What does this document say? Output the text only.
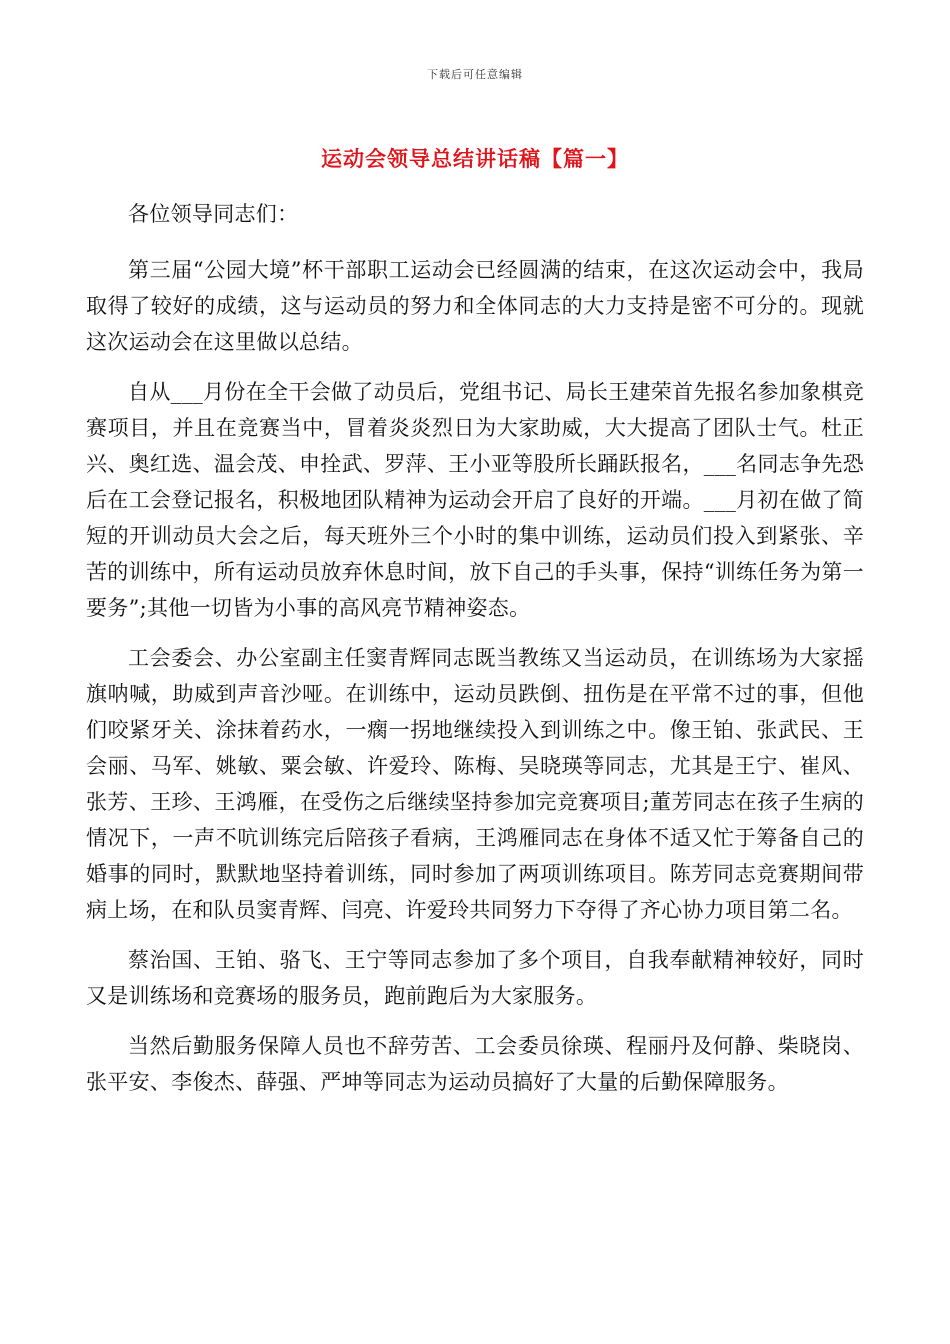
下载后可任意编辑
运动会领导总结讲话稿【篇一】

各位领导同志们：

第三届“公园大境”杯干部职工运动会已经圆满的结束，在这次运动会中，我局取得了较好的成绩，这与运动员的努力和全体同志的大力支持是密不可分的。现就这次运动会在这里做以总结。

自从___月份在全干会做了动员后，党组书记、局长王建荣首先报名参加象棋竞赛项目，并且在竞赛当中，冒着炎炎烈日为大家助威，大大提高了团队士气。杜正兴、奥红选、温会茂、申拴武、罗萍、王小亚等股所长踊跃报名，___名同志争先恐后在工会登记报名，积极地团队精神为运动会开启了良好的开端。___月初在做了简短的开训动员大会之后，每天班外三个小时的集中训练，运动员们投入到紧张、辛苦的训练中，所有运动员放弃休息时间，放下自己的手头事，保持“训练任务为第一要务”;其他一切皆为小事的高风亮节精神姿态。

工会委会、办公室副主任窦青辉同志既当教练又当运动员，在训练场为大家摇旗呐喊，助威到声音沙哑。在训练中，运动员跌倒、扭伤是在平常不过的事，但他们咬紧牙关、涂抹着药水，一瘸一拐地继续投入到训练之中。像王铂、张武民、王会丽、马军、姚敏、粟会敏、许爱玲、陈梅、吴晓瑛等同志，尤其是王宁、崔风、张芳、王珍、王鸿雁，在受伤之后继续坚持参加完竞赛项目;董芳同志在孩子生病的情况下，一声不吭训练完后陪孩子看病，王鸿雁同志在身体不适又忙于筹备自己的婚事的同时，默默地坚持着训练，同时参加了两项训练项目。陈芳同志竞赛期间带病上场，在和队员窦青辉、闫亮、许爱玲共同努力下夺得了齐心协力项目第二名。

蔡治国、王铂、骆飞、王宁等同志参加了多个项目，自我奉献精神较好，同时又是训练场和竞赛场的服务员，跑前跑后为大家服务。

当然后勤服务保障人员也不辞劳苦、工会委员徐瑛、程丽丹及何静、柴晓岗、张平安、李俊杰、薛强、严坤等同志为运动员搞好了大量的后勤保障服务。
